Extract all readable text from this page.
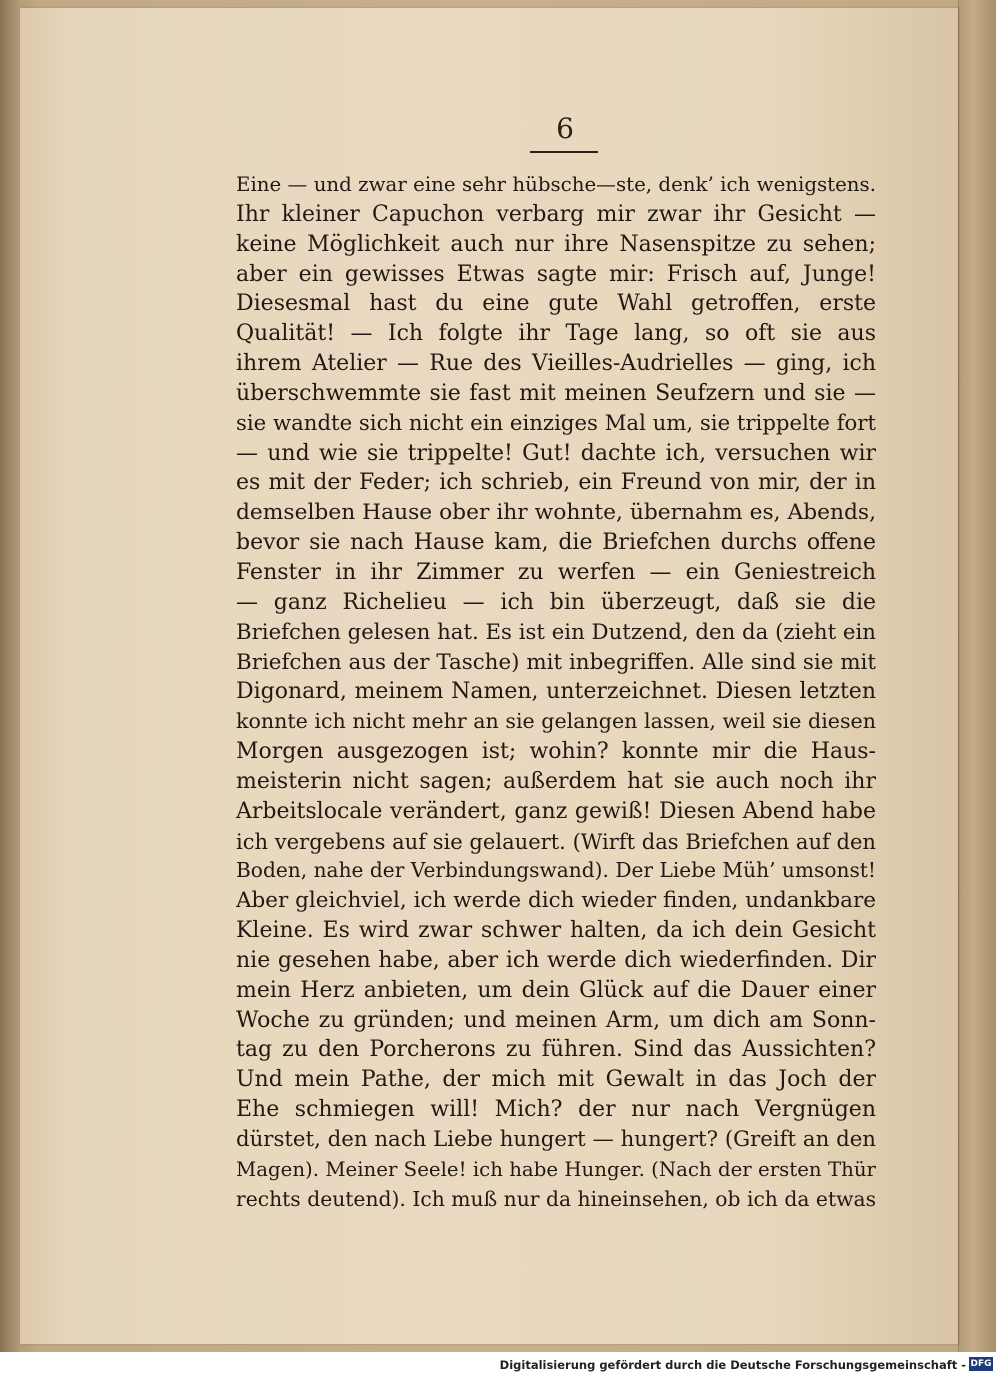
6
Eine — und zwar eine sehr hübsche—ste, denk’ ich wenigstens.
Ihr kleiner Capuchon verbarg mir zwar ihr Gesicht —
keine Möglichkeit auch nur ihre Nasenspitze zu sehen;
aber ein gewisses Etwas sagte mir: Frisch auf, Junge!
Diesesmal hast du eine gute Wahl getroffen, erste
Qualität! — Ich folgte ihr Tage lang, so oft sie aus
ihrem Atelier — Rue des Vieilles-Audrielles — ging, ich
überschwemmte sie fast mit meinen Seufzern und sie —
sie wandte sich nicht ein einziges Mal um, sie trippelte fort
— und wie sie trippelte! Gut! dachte ich, versuchen wir
es mit der Feder; ich schrieb, ein Freund von mir, der in
demselben Hause ober ihr wohnte, übernahm es, Abends,
bevor sie nach Hause kam, die Briefchen durchs offene
Fenster in ihr Zimmer zu werfen — ein Geniestreich
— ganz Richelieu — ich bin überzeugt, daß sie die
Briefchen gelesen hat. Es ist ein Dutzend, den da (zieht ein
Briefchen aus der Tasche) mit inbegriffen. Alle sind sie mit
Digonard, meinem Namen, unterzeichnet. Diesen letzten
konnte ich nicht mehr an sie gelangen lassen, weil sie diesen
Morgen ausgezogen ist; wohin? konnte mir die Haus-
meisterin nicht sagen; außerdem hat sie auch noch ihr
Arbeitslocale verändert, ganz gewiß! Diesen Abend habe
ich vergebens auf sie gelauert. (Wirft das Briefchen auf den
Boden, nahe der Verbindungswand). Der Liebe Müh’ umsonst!
Aber gleichviel, ich werde dich wieder finden, undankbare
Kleine. Es wird zwar schwer halten, da ich dein Gesicht
nie gesehen habe, aber ich werde dich wiederfinden. Dir
mein Herz anbieten, um dein Glück auf die Dauer einer
Woche zu gründen; und meinen Arm, um dich am Sonn-
tag zu den Porcherons zu führen. Sind das Aussichten?
Und mein Pathe, der mich mit Gewalt in das Joch der
Ehe schmiegen will! Mich? der nur nach Vergnügen
dürstet, den nach Liebe hungert — hungert? (Greift an den
Magen). Meiner Seele! ich habe Hunger. (Nach der ersten Thür
rechts deutend). Ich muß nur da hineinsehen, ob ich da etwas
Digitalisierung gefördert durch die Deutsche Forschungsgemeinschaft - DFG
